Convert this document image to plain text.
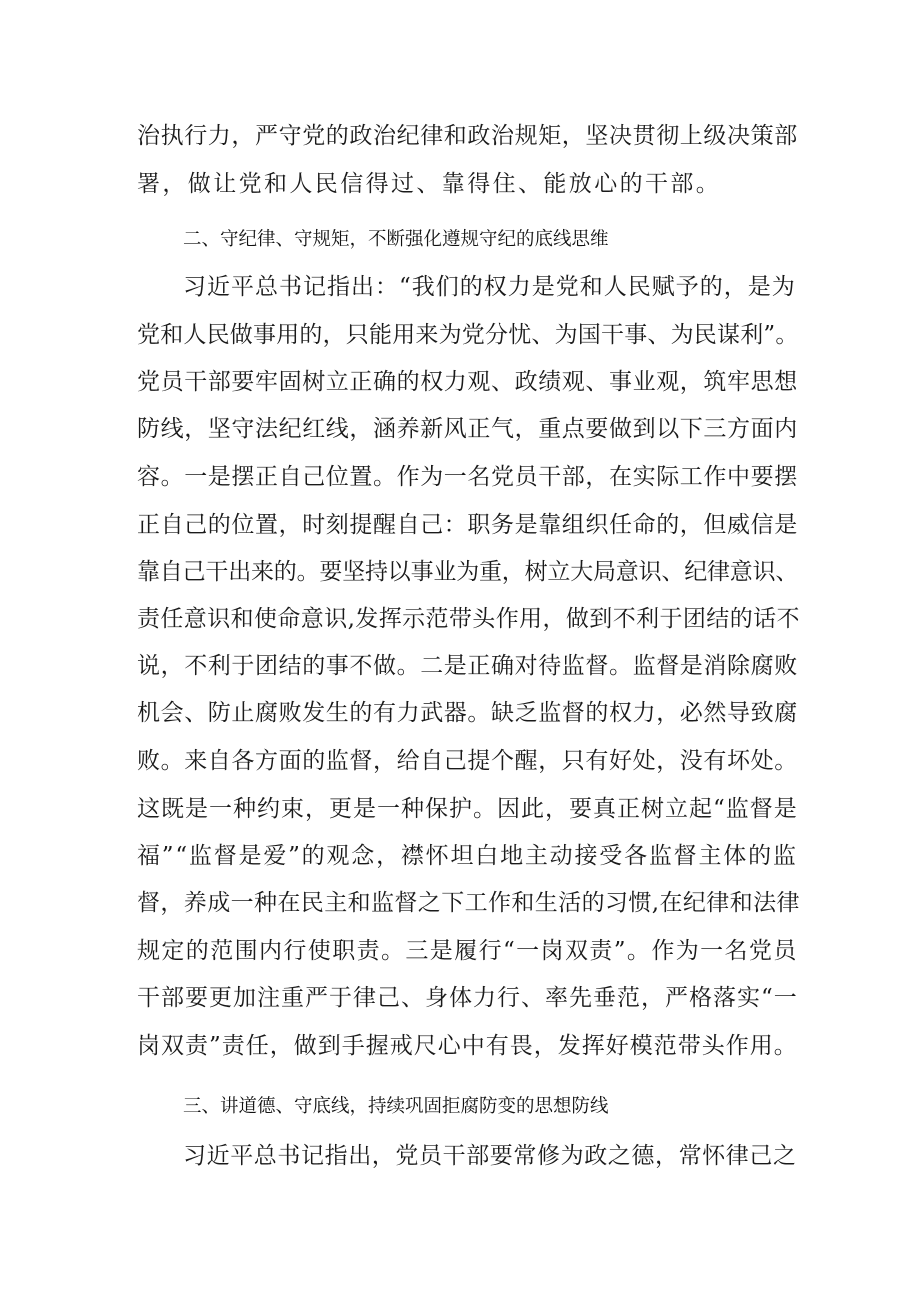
治执行力，严守党的政治纪律和政治规矩，坚决贯彻上级决策部
署，做让党和人民信得过、靠得住、能放心的干部。
二、守纪律、守规矩，不断强化遵规守纪的底线思维
习近平总书记指出：“我们的权力是党和人民赋予的，是为
党和人民做事用的，只能用来为党分忧、为国干事、为民谋利”。
党员干部要牢固树立正确的权力观、政绩观、事业观，筑牢思想
防线，坚守法纪红线，涵养新风正气，重点要做到以下三方面内
容。一是摆正自己位置。作为一名党员干部，在实际工作中要摆
正自己的位置，时刻提醒自己：职务是靠组织任命的，但威信是
靠自己干出来的。要坚持以事业为重，树立大局意识、纪律意识、
责任意识和使命意识,发挥示范带头作用，做到不利于团结的话不
说，不利于团结的事不做。二是正确对待监督。监督是消除腐败
机会、防止腐败发生的有力武器。缺乏监督的权力，必然导致腐
败。来自各方面的监督，给自己提个醒，只有好处，没有坏处。
这既是一种约束，更是一种保护。因此，要真正树立起“监督是
福”“监督是爱”的观念，襟怀坦白地主动接受各监督主体的监
督，养成一种在民主和监督之下工作和生活的习惯,在纪律和法律
规定的范围内行使职责。三是履行“一岗双责”。作为一名党员
干部要更加注重严于律己、身体力行、率先垂范，严格落实“一
岗双责”责任，做到手握戒尺心中有畏，发挥好模范带头作用。
三、讲道德、守底线，持续巩固拒腐防变的思想防线
习近平总书记指出，党员干部要常修为政之德，常怀律己之
